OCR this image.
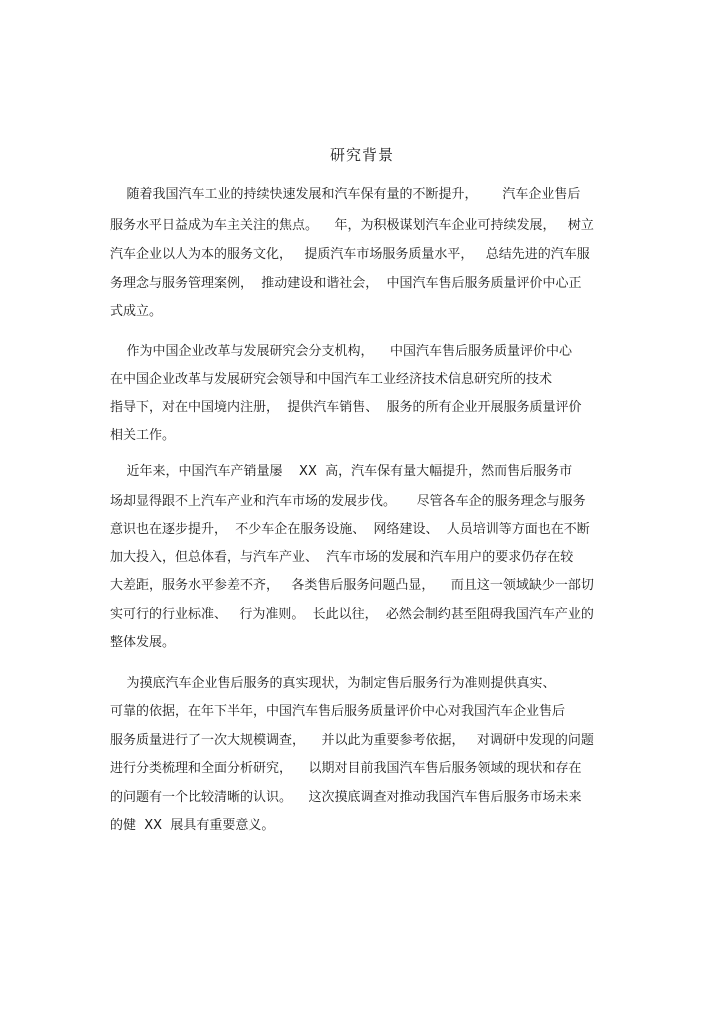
研究背景
随着我国汽车工业的持续快速发展和汽车保有量的不断提升，      汽车企业售后
服务水平日益成为车主关注的焦点。    年，为积极谋划汽车企业可持续发展，   树立
汽车企业以人为本的服务文化，   提质汽车市场服务质量水平，   总结先进的汽车服
务理念与服务管理案例，  推动建设和谐社会，  中国汽车售后服务质量评价中心正
式成立。
作为中国企业改革与发展研究会分支机构，    中国汽车售后服务质量评价中心
在中国企业改革与发展研究会领导和中国汽车工业经济技术信息研究所的技术
指导下，对在中国境内注册，  提供汽车销售、  服务的所有企业开展服务质量评价
相关工作。
近年来，中国汽车产销量屡    XX  高，汽车保有量大幅提升，然而售后服务市
场却显得跟不上汽车产业和汽车市场的发展步伐。     尽管各车企的服务理念与服务
意识也在逐步提升，  不少车企在服务设施、  网络建设、  人员培训等方面也在不断
加大投入，但总体看，与汽车产业、  汽车市场的发展和汽车用户的要求仍存在较
大差距，服务水平参差不齐，   各类售后服务问题凸显，    而且这一领域缺少一部切
实可行的行业标准、   行为准则。  长此以往，  必然会制约甚至阻碍我国汽车产业的
整体发展。
为摸底汽车企业售后服务的真实现状，为制定售后服务行为准则提供真实、
可靠的依据，在年下半年，中国汽车售后服务质量评价中心对我国汽车企业售后
服务质量进行了一次大规模调查，    并以此为重要参考依据，   对调研中发现的问题
进行分类梳理和全面分析研究，    以期对目前我国汽车售后服务领域的现状和存在
的问题有一个比较清晰的认识。    这次摸底调查对推动我国汽车售后服务市场未来
的健  XX  展具有重要意义。
